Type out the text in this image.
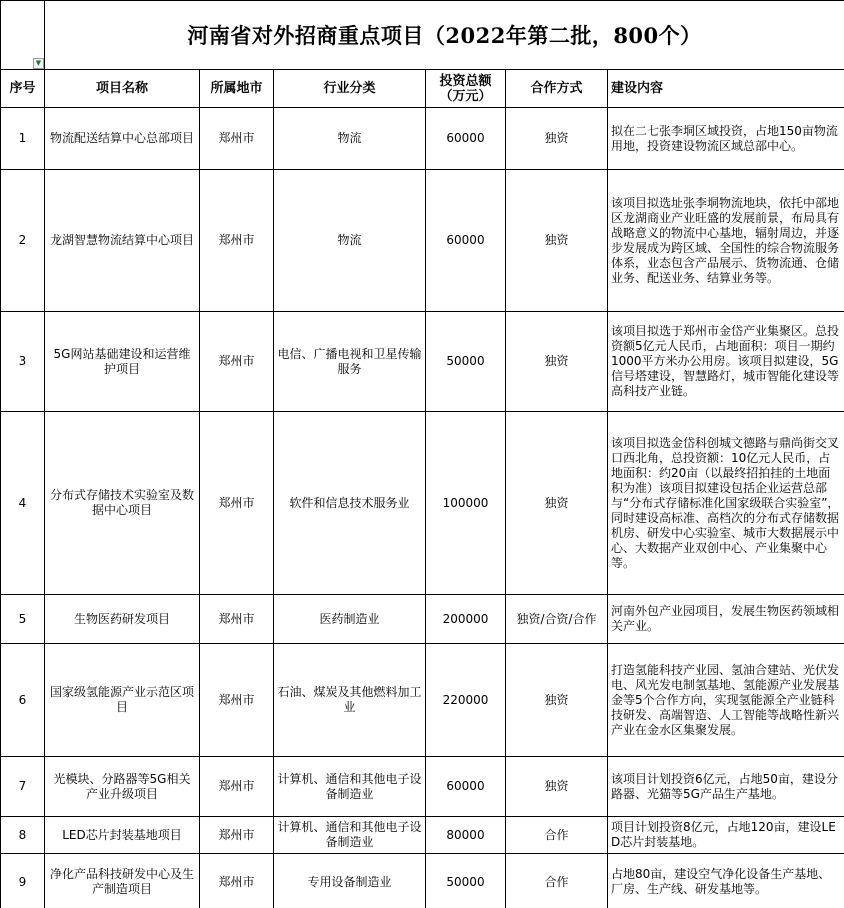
▼	河南省对外招商重点项目（2022年第二批，800个）					
序号	项目名称	所属地市	行业分类	投资总额（万元）	合作方式	建设内容
1	物流配送结算中心总部项目	郑州市	物流	60000	独资	拟在二七张李垌区域投资，占地150亩物流用地，投资建设物流区域总部中心。
2	龙湖智慧物流结算中心项目	郑州市	物流	60000	独资	该项目拟选址张李垌物流地块，依托中部地区龙湖商业产业旺盛的发展前景，布局具有战略意义的物流中心基地，辐射周边，并逐步发展成为跨区域、全国性的综合物流服务体系，业态包含产品展示、货物流通、仓储业务、配送业务、结算业务等。
3	5G网站基础建设和运营维护项目	郑州市	电信、广播电视和卫星传输服务	50000	独资	该项目拟选于郑州市金岱产业集聚区。总投资额5亿元人民币，占地面积：项目一期约1000平方米办公用房。该项目拟建设，5G信号塔建设，智慧路灯，城市智能化建设等高科技产业链。
4	分布式存储技术实验室及数据中心项目	郑州市	软件和信息技术服务业	100000	独资	该项目拟选金岱科创城文德路与鼎尚街交叉口西北角，总投资额：10亿元人民币，占地面积：约20亩（以最终招拍挂的土地面积为准）该项目拟建设包括企业运营总部与“分布式存储标准化国家级联合实验室”，同时建设高标准、高档次的分布式存储数据机房、研发中心实验室、城市大数据展示中心、大数据产业双创中心、产业集聚中心等。
5	生物医药研发项目	郑州市	医药制造业	200000	独资/合资/合作	河南外包产业园项目，发展生物医药领域相关产业。
6	国家级氢能源产业示范区项目	郑州市	石油、煤炭及其他燃料加工业	220000	独资	打造氢能科技产业园、氢油合建站、光伏发电、风光发电制氢基地、氢能源产业发展基金等5个合作方向，实现氢能源全产业链科技研发、高端智造、人工智能等战略性新兴产业在金水区集聚发展。
7	光模块、分路器等5G相关产业升级项目	郑州市	计算机、通信和其他电子设备制造业	60000	独资	该项目计划投资6亿元，占地50亩，建设分路器、光猫等5G产品生产基地。
8	LED芯片封装基地项目	郑州市	计算机、通信和其他电子设备制造业	80000	合作	项目计划投资8亿元，占地120亩，建设LED芯片封装基地。
9	净化产品科技研发中心及生产制造项目	郑州市	专用设备制造业	50000	合作	占地80亩，建设空气净化设备生产基地、厂房、生产线、研发基地等。
